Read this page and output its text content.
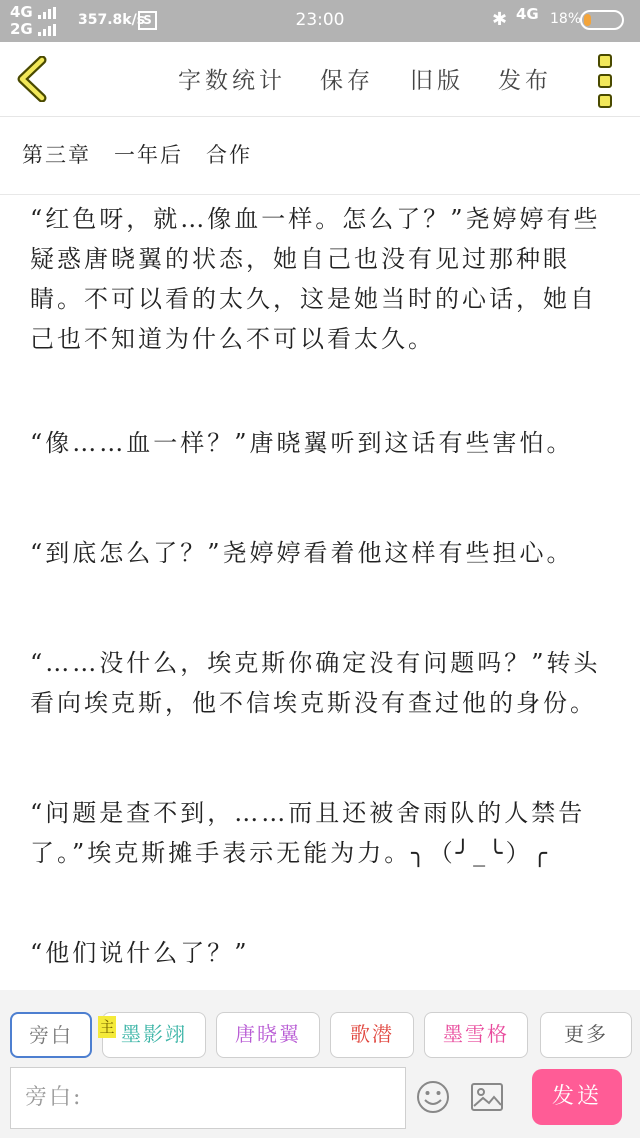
4G
2G	357.8k/s
S	23:00	✱ 4G 18%
字数统计 保存 旧版 发布
第三章　一年后　合作

“红色呀，就…像血一样。怎么了？”尧婷婷有些疑惑唐晓翼的状态，她自己也没有见过那种眼睛。不可以看的太久，这是她当时的心话，她自己也不知道为什么不可以看太久。

“像……血一样？”唐晓翼听到这话有些害怕。

“到底怎么了？”尧婷婷看着他这样有些担心。

“……没什么，埃克斯你确定没有问题吗？”转头看向埃克斯，他不信埃克斯没有查过他的身份。

“问题是查不到，……而且还被舍雨队的人禁告了。”埃克斯摊手表示无能为力。╮（╯_╰）╭

“他们说什么了？”

旁白	墨影翊	唐晓翼	歌潜	墨雪格	更多
主
旁白:	发送
